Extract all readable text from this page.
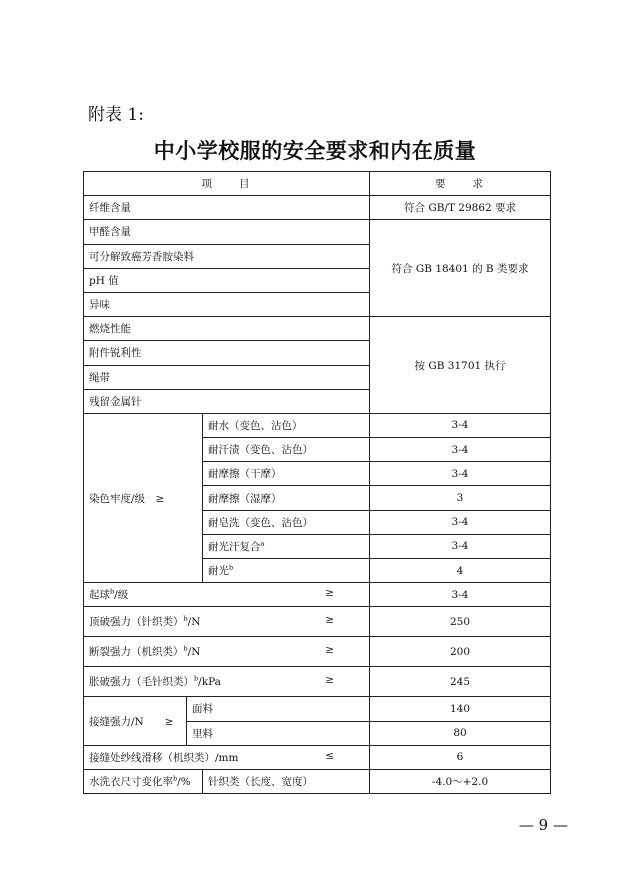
附表 1:
中小学校服的安全要求和内在质量
项　　目			要　　求
纤维含量			符合 GB/T 29862 要求
甲醛含量			符合 GB 18401 的 B 类要求
可分解致癌芳香胺染料			
pH 值			
异味			
燃烧性能			按 GB 31701 执行
附件锐利性			
绳带			
残留金属针			
染色牢度/级　≥		耐水（变色、沾色）	3-4
		耐汗渍（变色、沾色）	3-4
		耐摩擦（干摩）	3-4
		耐摩擦（湿摩）	3
		耐皂洗（变色、沾色）	3-4
		耐光汗复合$^a$	3-4
		耐光$^b$	4

起球$^b$/级 ≥			3-4

顶破强力（针织类）$^b$/N ≥			250

断裂强力（机织类）$^b$/N ≥			200

胀破强力（毛针织类）$^b$/kPa ≥			245
接缝强力/N　　≥	面料		140
	里料		80

接缝处纱线滑移（机织类）/mm ≤			6
水洗衣尺寸变化率$^b$/%		针织类（长度、宽度）	-4.0～+2.0
— 9 —
